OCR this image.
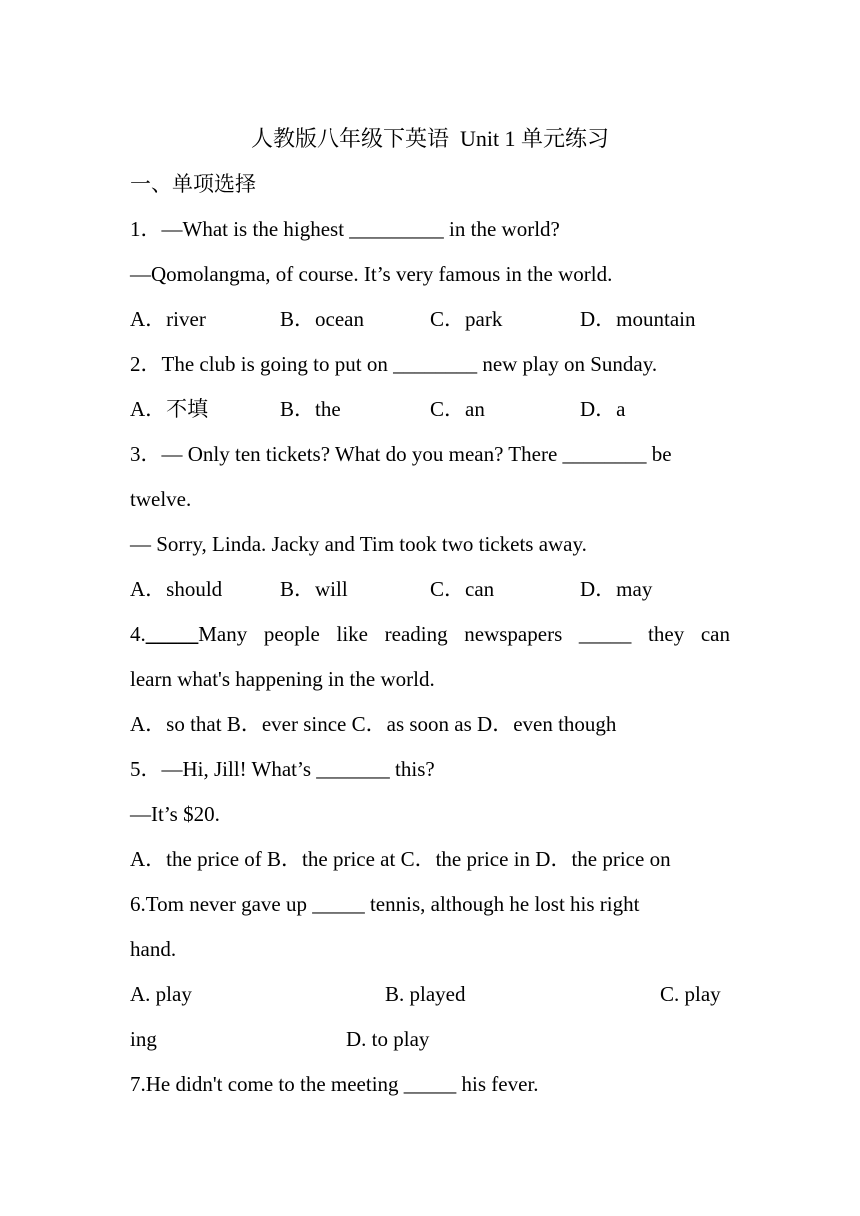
人教版八年级下英语  Unit 1 单元练习
一、单项选择
1．—What is the highest _________ in the world?
—Qomolangma, of course. It’s very famous in the world.
A．river	B．ocean	C．park	D．mountain
2．The club is going to put on ________ new play on Sunday.
A．不填	B．the	C．an	D．a
3．— Only ten tickets? What do you mean? There ________ be
twelve.
— Sorry, Linda. Jacky and Tim took two tickets away.
A．should	B．will	C．can	D．may
4. _____ Many people like reading newspapers _____ they can
learn what's happening in the world.
A．so that B．ever since C．as soon as D．even though
5．—Hi, Jill! What’s _______ this?
—It’s $20.
A．the price of B．the price at C．the price in D．the price on
6.Tom never gave up _____ tennis, although he lost his right
hand.
A. play	B. played	C. play
ing	D. to play
7.He didn't come to the meeting _____ his fever.
